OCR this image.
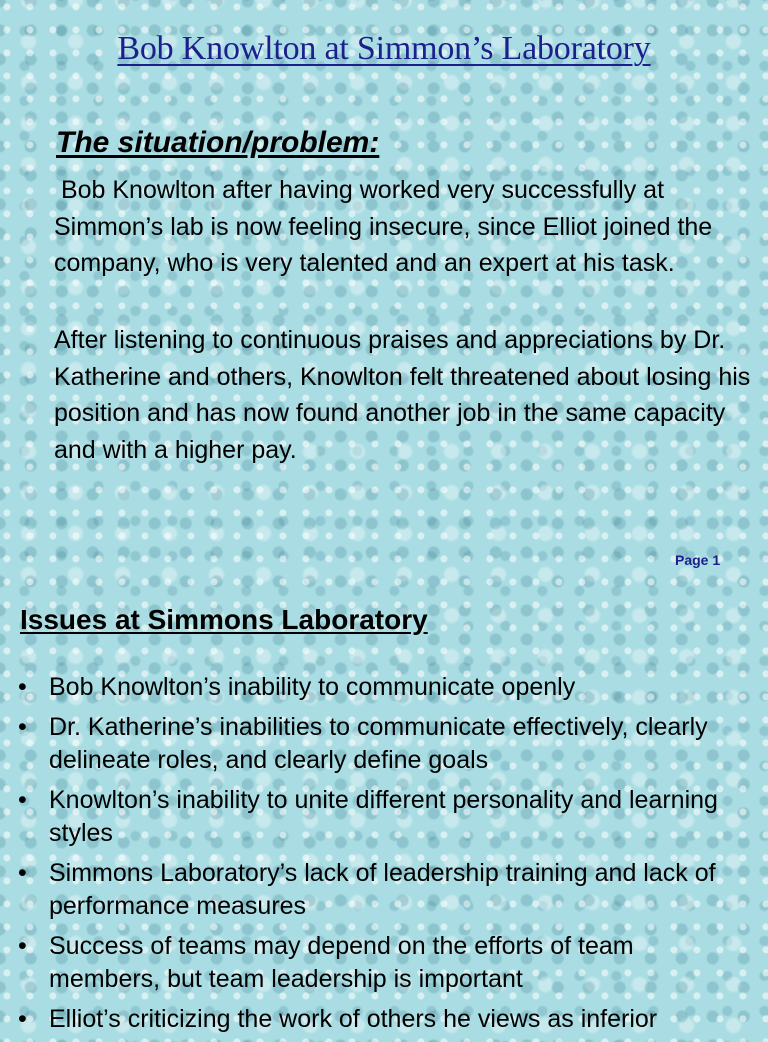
Bob Knowlton at Simmon’s Laboratory
The situation/problem:

Bob Knowlton after having worked very successfully at Simmon’s lab is now feeling insecure, since Elliot joined the company, who is very talented and an expert at his task.

After listening to continuous praises and appreciations by Dr. Katherine and others, Knowlton felt threatened about losing his position and has now found another job in the same capacity and with a higher pay.

Page 1
Issues at Simmons Laboratory
• Bob Knowlton’s inability to communicate openly
• Dr. Katherine’s inabilities to communicate effectively, clearly delineate roles, and clearly define goals
• Knowlton’s inability to unite different personality and learning styles
• Simmons Laboratory’s lack of leadership training and lack of performance measures
• Success of teams may depend on the efforts of team members, but team leadership is important
• Elliot’s criticizing the work of others he views as inferior
